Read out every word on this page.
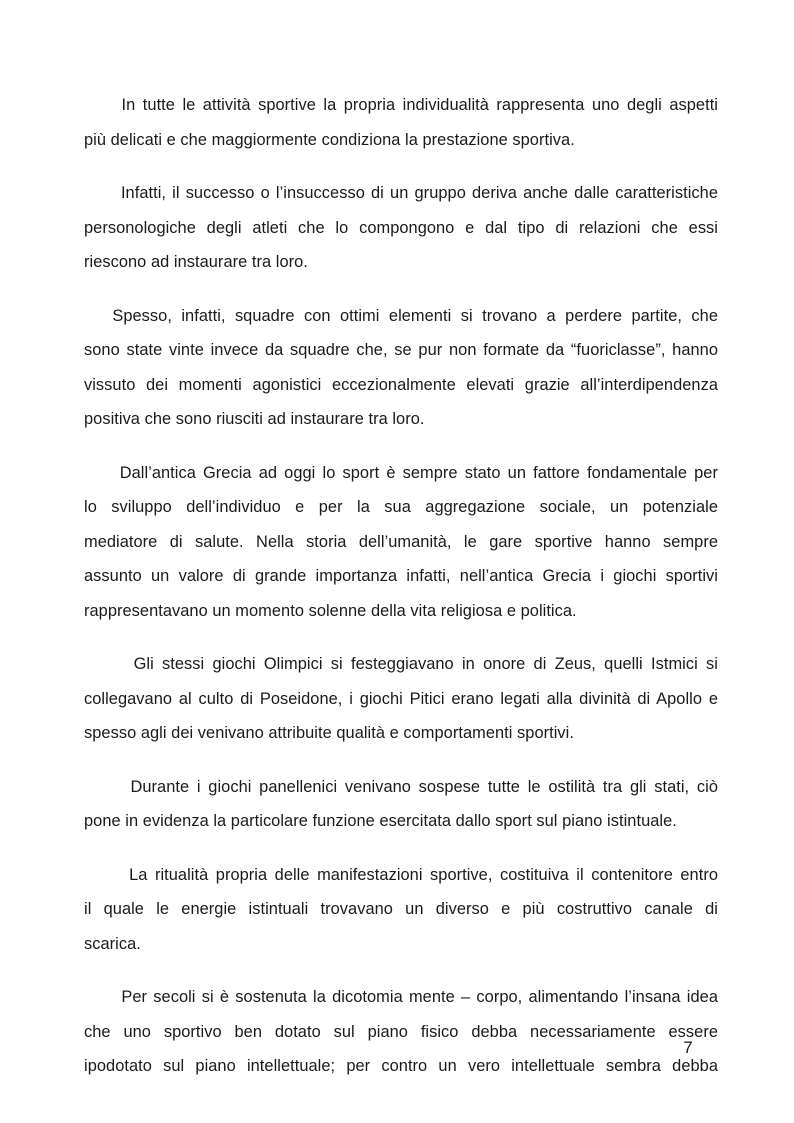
In tutte le attività sportive la propria individualità rappresenta uno degli aspetti
più delicati e che maggiormente condiziona la prestazione sportiva.

Infatti, il successo o l’insuccesso di un gruppo deriva anche dalle caratteristiche
personologiche degli atleti che lo compongono e dal tipo di relazioni che essi
riescono ad instaurare tra loro.

Spesso, infatti, squadre con ottimi elementi si trovano a perdere partite, che
sono state vinte invece da squadre che, se pur non formate da “fuoriclasse”, hanno
vissuto dei momenti agonistici eccezionalmente elevati grazie all’interdipendenza
positiva che sono riusciti ad instaurare tra loro.

Dall’antica Grecia ad oggi lo sport è sempre stato un fattore fondamentale per
lo sviluppo dell’individuo e per la sua aggregazione sociale, un potenziale
mediatore di salute. Nella storia dell’umanità, le gare sportive hanno sempre
assunto un valore di grande importanza infatti, nell’antica Grecia i giochi sportivi
rappresentavano un momento solenne della vita religiosa e politica.

Gli stessi giochi Olimpici si festeggiavano in onore di Zeus, quelli Istmici si
collegavano al culto di Poseidone, i giochi Pitici erano legati alla divinità di Apollo e
spesso agli dei venivano attribuite qualità e comportamenti sportivi.

Durante i giochi panellenici venivano sospese tutte le ostilità tra gli stati, ciò
pone in evidenza la particolare funzione esercitata dallo sport sul piano istintuale.

La ritualità propria delle manifestazioni sportive, costituiva il contenitore entro
il quale le energie istintuali trovavano un diverso e più costruttivo canale di
scarica.

Per secoli si è sostenuta la dicotomia mente – corpo, alimentando l’insana idea
che uno sportivo ben dotato sul piano fisico debba necessariamente essere
ipodotato sul piano intellettuale; per contro un vero intellettuale sembra debba

7
